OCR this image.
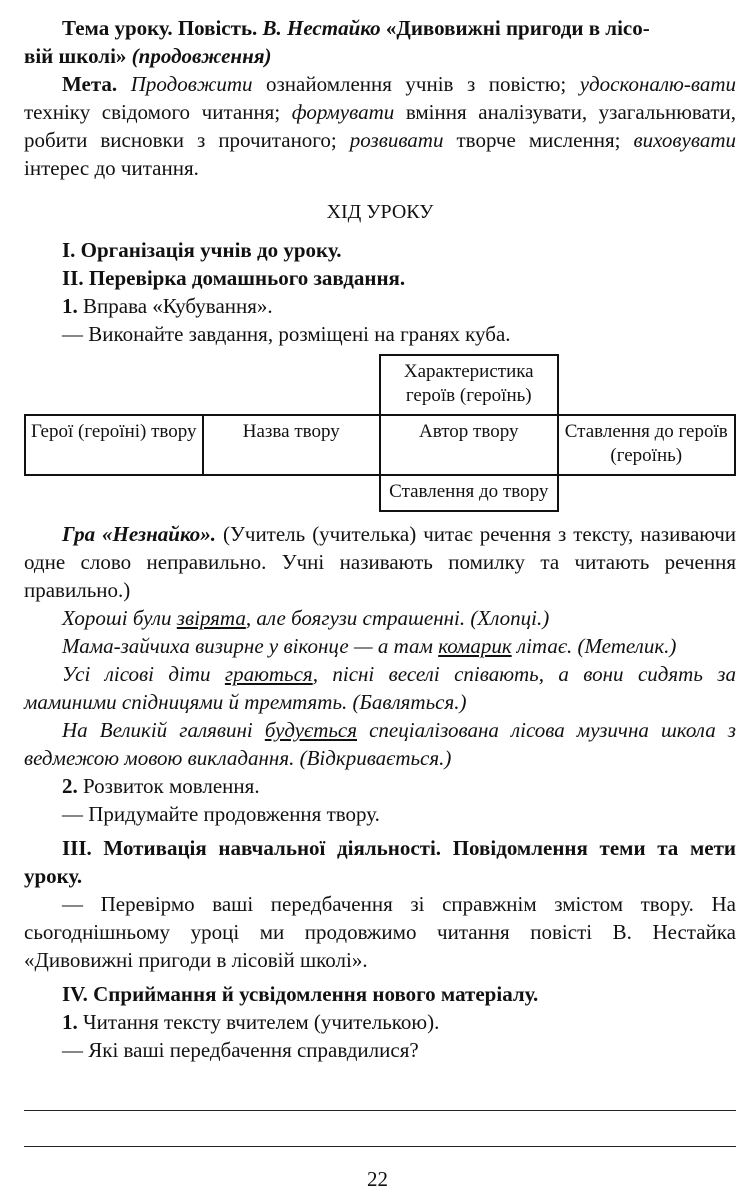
Тема уроку. Повість. В. Нестайко «Дивовижні пригоди в лісо-
вій школі» (продовження)

Мета. Продовжити ознайомлення учнів з повістю; удосконалю-вати техніку свідомого читання; формувати вміння аналізувати, узагальнювати, робити висновки з прочитаного; розвивати творче мислення; виховувати інтерес до читання.

ХІД УРОКУ

І. Організація учнів до уроку.

ІІ. Перевірка домашнього завдання.

1. Вправа «Кубування».

— Виконайте завдання, розміщені на гранях куба.

		Характеристика героїв (героїнь)	
Герої (героїні) твору	Назва твору	Автор твору	Ставлення до героїв (героїнь)
		Ставлення до твору	

Гра «Незнайко». (Учитель (учителька) читає речення з тексту, називаючи одне слово неправильно. Учні називають помилку та читають речення правильно.)

Хороші були звірята, але боягузи страшенні. (Хлопці.)

Мама-зайчиха визирне у віконце — а там комарик літає. (Метелик.)

Усі лісові діти граються, пісні веселі співають, а вони сидять за маминими спідницями й тремтять. (Бавляться.)

На Великій галявині будується спеціалізована лісова музична школа з ведмежою мовою викладання. (Відкривається.)

2. Розвиток мовлення.

— Придумайте продовження твору.

ІІІ. Мотивація навчальної діяльності. Повідомлення теми та мети уроку.

— Перевірмо ваші передбачення зі справжнім змістом твору. На сьогоднішньому уроці ми продовжимо читання повісті В. Нестайка «Дивовижні пригоди в лісовій школі».

IV. Сприймання й усвідомлення нового матеріалу.

1. Читання тексту вчителем (учителькою).

— Які ваші передбачення справдилися?

22
